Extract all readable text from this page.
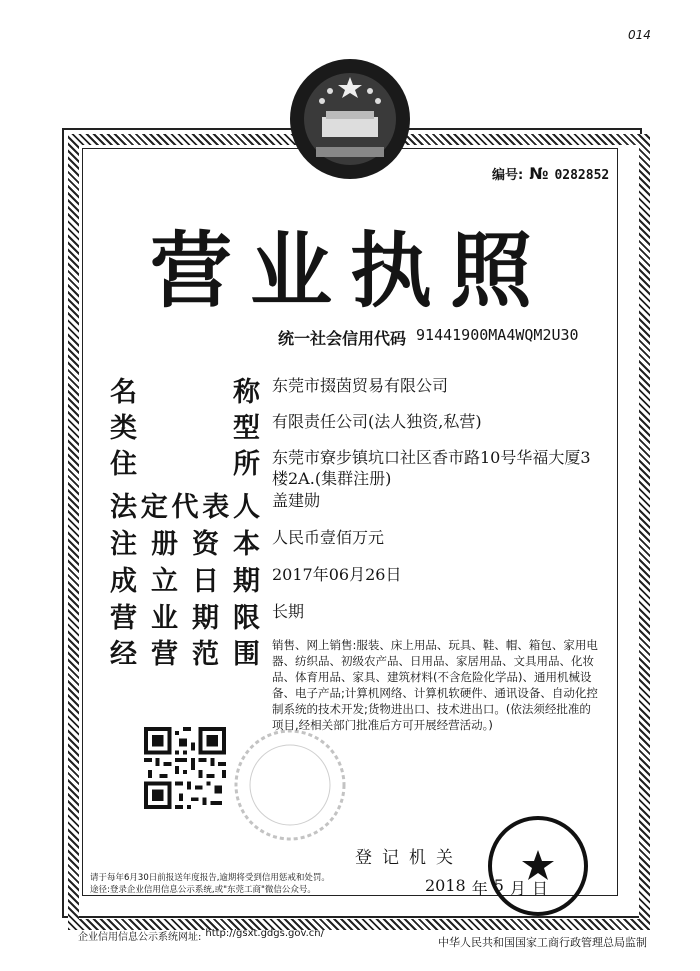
014
编号: № 0282852
营业执照
统一社会信用代码 91441900MA4WQM2U30
名	称 东莞市掇茵贸易有限公司
类	型 有限责任公司(法人独资,私营)
住	所 东莞市寮步镇坑口社区香市路10号华福大厦3楼2A.(集群注册)
法 定 代 表 人 盖建勋
注 册 资 本 人民币壹佰万元
成 立 日 期 2017年06月26日
营 业 期 限 长期
经 营 范 围 销售、网上销售:服装、床上用品、玩具、鞋、帽、箱包、家用电器、纺织品、初级农产品、日用品、家居用品、文具用品、化妆品、体育用品、家具、建筑材料(不含危险化学品)、通用机械设备、电子产品;计算机网络、计算机软硬件、通讯设备、自动化控制系统的技术开发;货物进出口、技术进出口。(依法须经批准的项目,经相关部门批准后方可开展经营活动。)
登记机关
2018 年 5 月 日
请于每年6月30日前报送年度报告,逾期将受到信用惩戒和处罚。
途径:登录企业信用信息公示系统,或"东莞工商"微信公众号。
企业信用信息公示系统网址: http://gsxt.gdgs.gov.cn/
中华人民共和国国家工商行政管理总局监制
